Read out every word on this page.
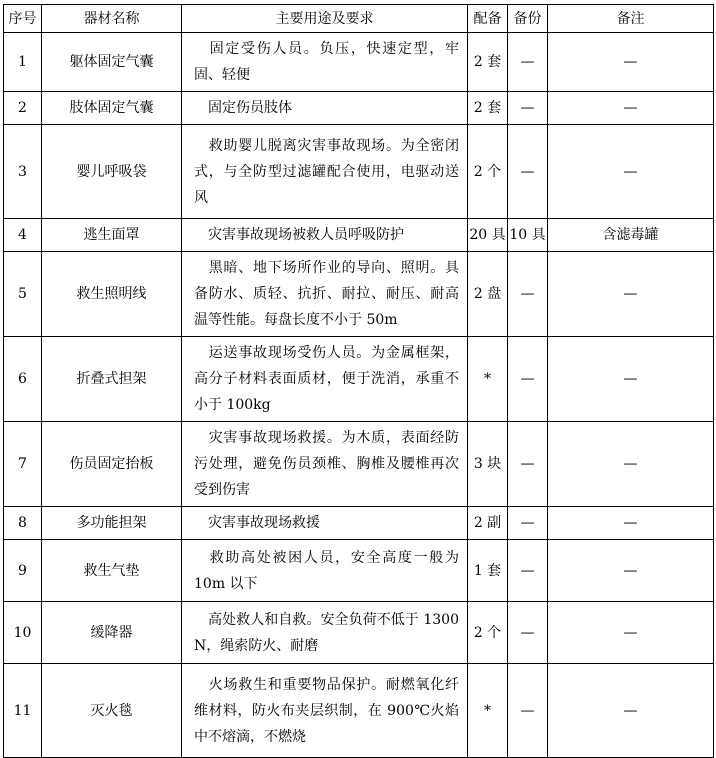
序号	器材名称	主要用途及要求	配备	备份	备注
1	躯体固定气囊	固定受伤人员。负压，快速定型，牢固、轻便	2 套	—	—
2	肢体固定气囊	固定伤员肢体	2 套	—	—
3	婴儿呼吸袋	救助婴儿脱离灾害事故现场。为全密闭式，与全防型过滤罐配合使用，电驱动送风	2 个	—	—
4	逃生面罩	灾害事故现场被救人员呼吸防护	20 具	10 具	含滤毒罐
5	救生照明线	黑暗、地下场所作业的导向、照明。具备防水、质轻、抗折、耐拉、耐压、耐高温等性能。每盘长度不小于 50m	2 盘	—	—
6	折叠式担架	运送事故现场受伤人员。为金属框架，高分子材料表面质材，便于洗消，承重不小于 100kg	*	—	—
7	伤员固定抬板	灾害事故现场救援。为木质，表面经防污处理，避免伤员颈椎、胸椎及腰椎再次受到伤害	3 块	—	—
8	多功能担架	灾害事故现场救援	2 副	—	—
9	救生气垫	救助高处被困人员，安全高度一般为 10m 以下	1 套	—	—
10	缓降器	高处救人和自救。安全负荷不低于 1300 N，绳索防火、耐磨	2 个	—	—
11	灭火毯	火场救生和重要物品保护。耐燃氧化纤维材料，防火布夹层织制，在 900℃火焰中不熔滴，不燃烧	*	—	—
